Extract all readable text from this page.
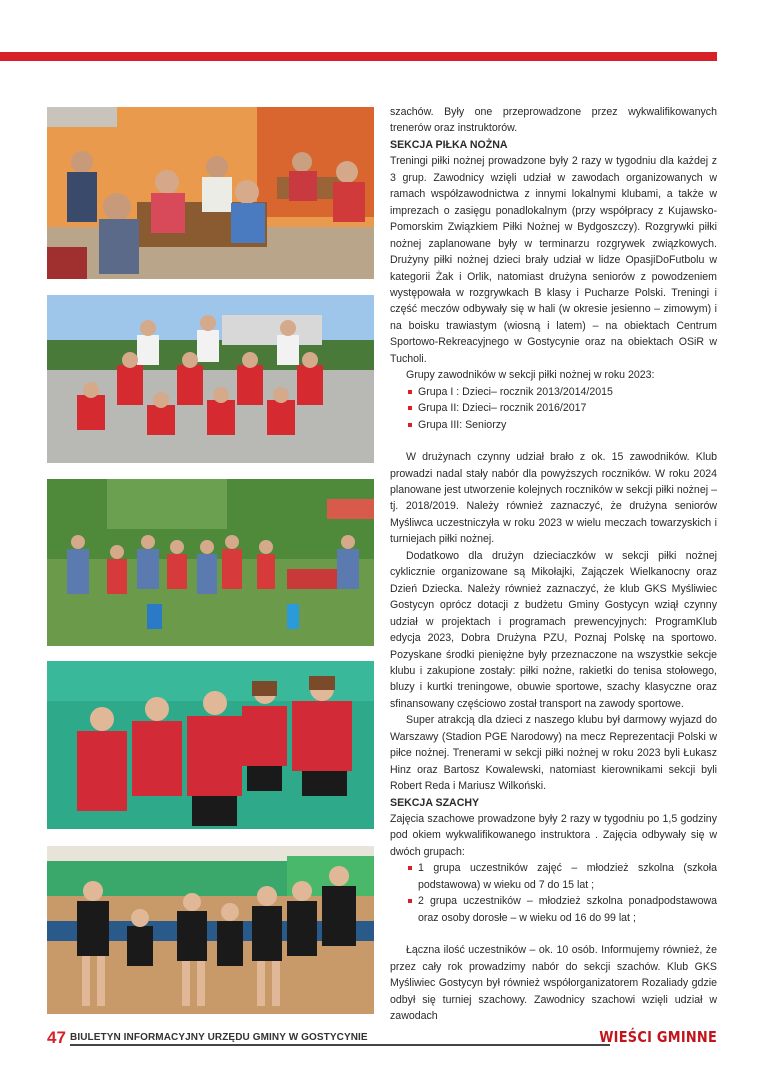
szachów. Były one przeprowadzone przez wykwalifikowanych trenerów oraz instruktorów.

SEKCJA PIŁKA NOŻNA

Treningi piłki nożnej prowadzone były 2 razy w tygodniu dla każdej z 3 grup. Zawodnicy wzięli udział w zawodach organizowanych w ramach współzawodnictwa z innymi lokalnymi klubami, a także w imprezach o zasięgu ponadlokalnym (przy współpracy z Kujawsko-Pomorskim Związkiem Piłki Nożnej w Bydgoszczy). Rozgrywki piłki nożnej zaplanowane były w terminarzu rozgrywek związkowych. Drużyny piłki nożnej dzieci brały udział w lidze OpasjiDoFutbolu w kategorii Żak i Orlik, natomiast drużyna seniorów z powodzeniem występowała w rozgrywkach B klasy i Pucharze Polski. Treningi i część meczów odbywały się w hali (w okresie jesienno – zimowym) i na boisku trawiastym (wiosną i latem) – na obiektach Centrum Sportowo-Rekreacyjnego w Gostycynie oraz na obiektach OSiR w Tucholi.

Grupy zawodników w sekcji piłki nożnej w roku 2023:

Grupa I : Dzieci– rocznik 2013/2014/2015
Grupa II: Dzieci– rocznik 2016/2017
Grupa III: Seniorzy

W drużynach czynny udział brało z ok. 15 zawodników. Klub prowadzi nadal stały nabór dla powyższych roczników. W roku 2024 planowane jest utworzenie kolejnych roczników w sekcji piłki nożnej – tj. 2018/2019. Należy również zaznaczyć, że drużyna seniorów Myśliwca uczestniczyła w roku 2023 w wielu meczach towarzyskich i turniejach piłki nożnej.

Dodatkowo dla drużyn dzieciaczków w sekcji piłki nożnej cyklicznie organizowane są Mikołajki, Zajączek Wielkanocny oraz Dzień Dziecka. Należy również zaznaczyć, że klub GKS Myśliwiec Gostycyn oprócz dotacji z budżetu Gminy Gostycyn wziął czynny udział w projektach i programach prewencyjnych: ProgramKlub edycja 2023, Dobra Drużyna PZU, Poznaj Polskę na sportowo. Pozyskane środki pieniężne były przeznaczone na wszystkie sekcje klubu i zakupione zostały: piłki nożne, rakietki do tenisa stołowego, bluzy i kurtki treningowe, obuwie sportowe, szachy klasyczne oraz sfinansowany częściowo został transport na zawody sportowe.

Super atrakcją dla dzieci z naszego klubu był darmowy wyjazd do Warszawy (Stadion PGE Narodowy) na mecz Reprezentacji Polski w piłce nożnej. Trenerami w sekcji piłki nożnej w roku 2023 byli Łukasz Hinz oraz Bartosz Kowalewski, natomiast kierownikami sekcji byli Robert Reda i Mariusz Wilkoński.

SEKCJA SZACHY

Zajęcia szachowe prowadzone były 2 razy w tygodniu po 1,5 godziny pod okiem wykwalifikowanego instruktora . Zajęcia odbywały się w dwóch grupach:

1 grupa uczestników zajęć – młodzież szkolna (szkoła podstawowa) w wieku od 7 do 15 lat ;
2 grupa uczestników – młodzież szkolna ponadpodstawowa oraz osoby dorosłe – w wieku od 16 do 99 lat ;

Łączna ilość uczestników – ok. 10 osób. Informujemy również, że przez cały rok prowadzimy nabór do sekcji szachów. Klub GKS Myśliwiec Gostycyn był również współorganizatorem Rozaliady gdzie odbył się turniej szachowy. Zawodnicy szachowi wzięli udział w zawodach

47 BIULETYN INFORMACYJNY URZĘDU GMINY W GOSTYCYNIE	WIEŚCI GMINNE
